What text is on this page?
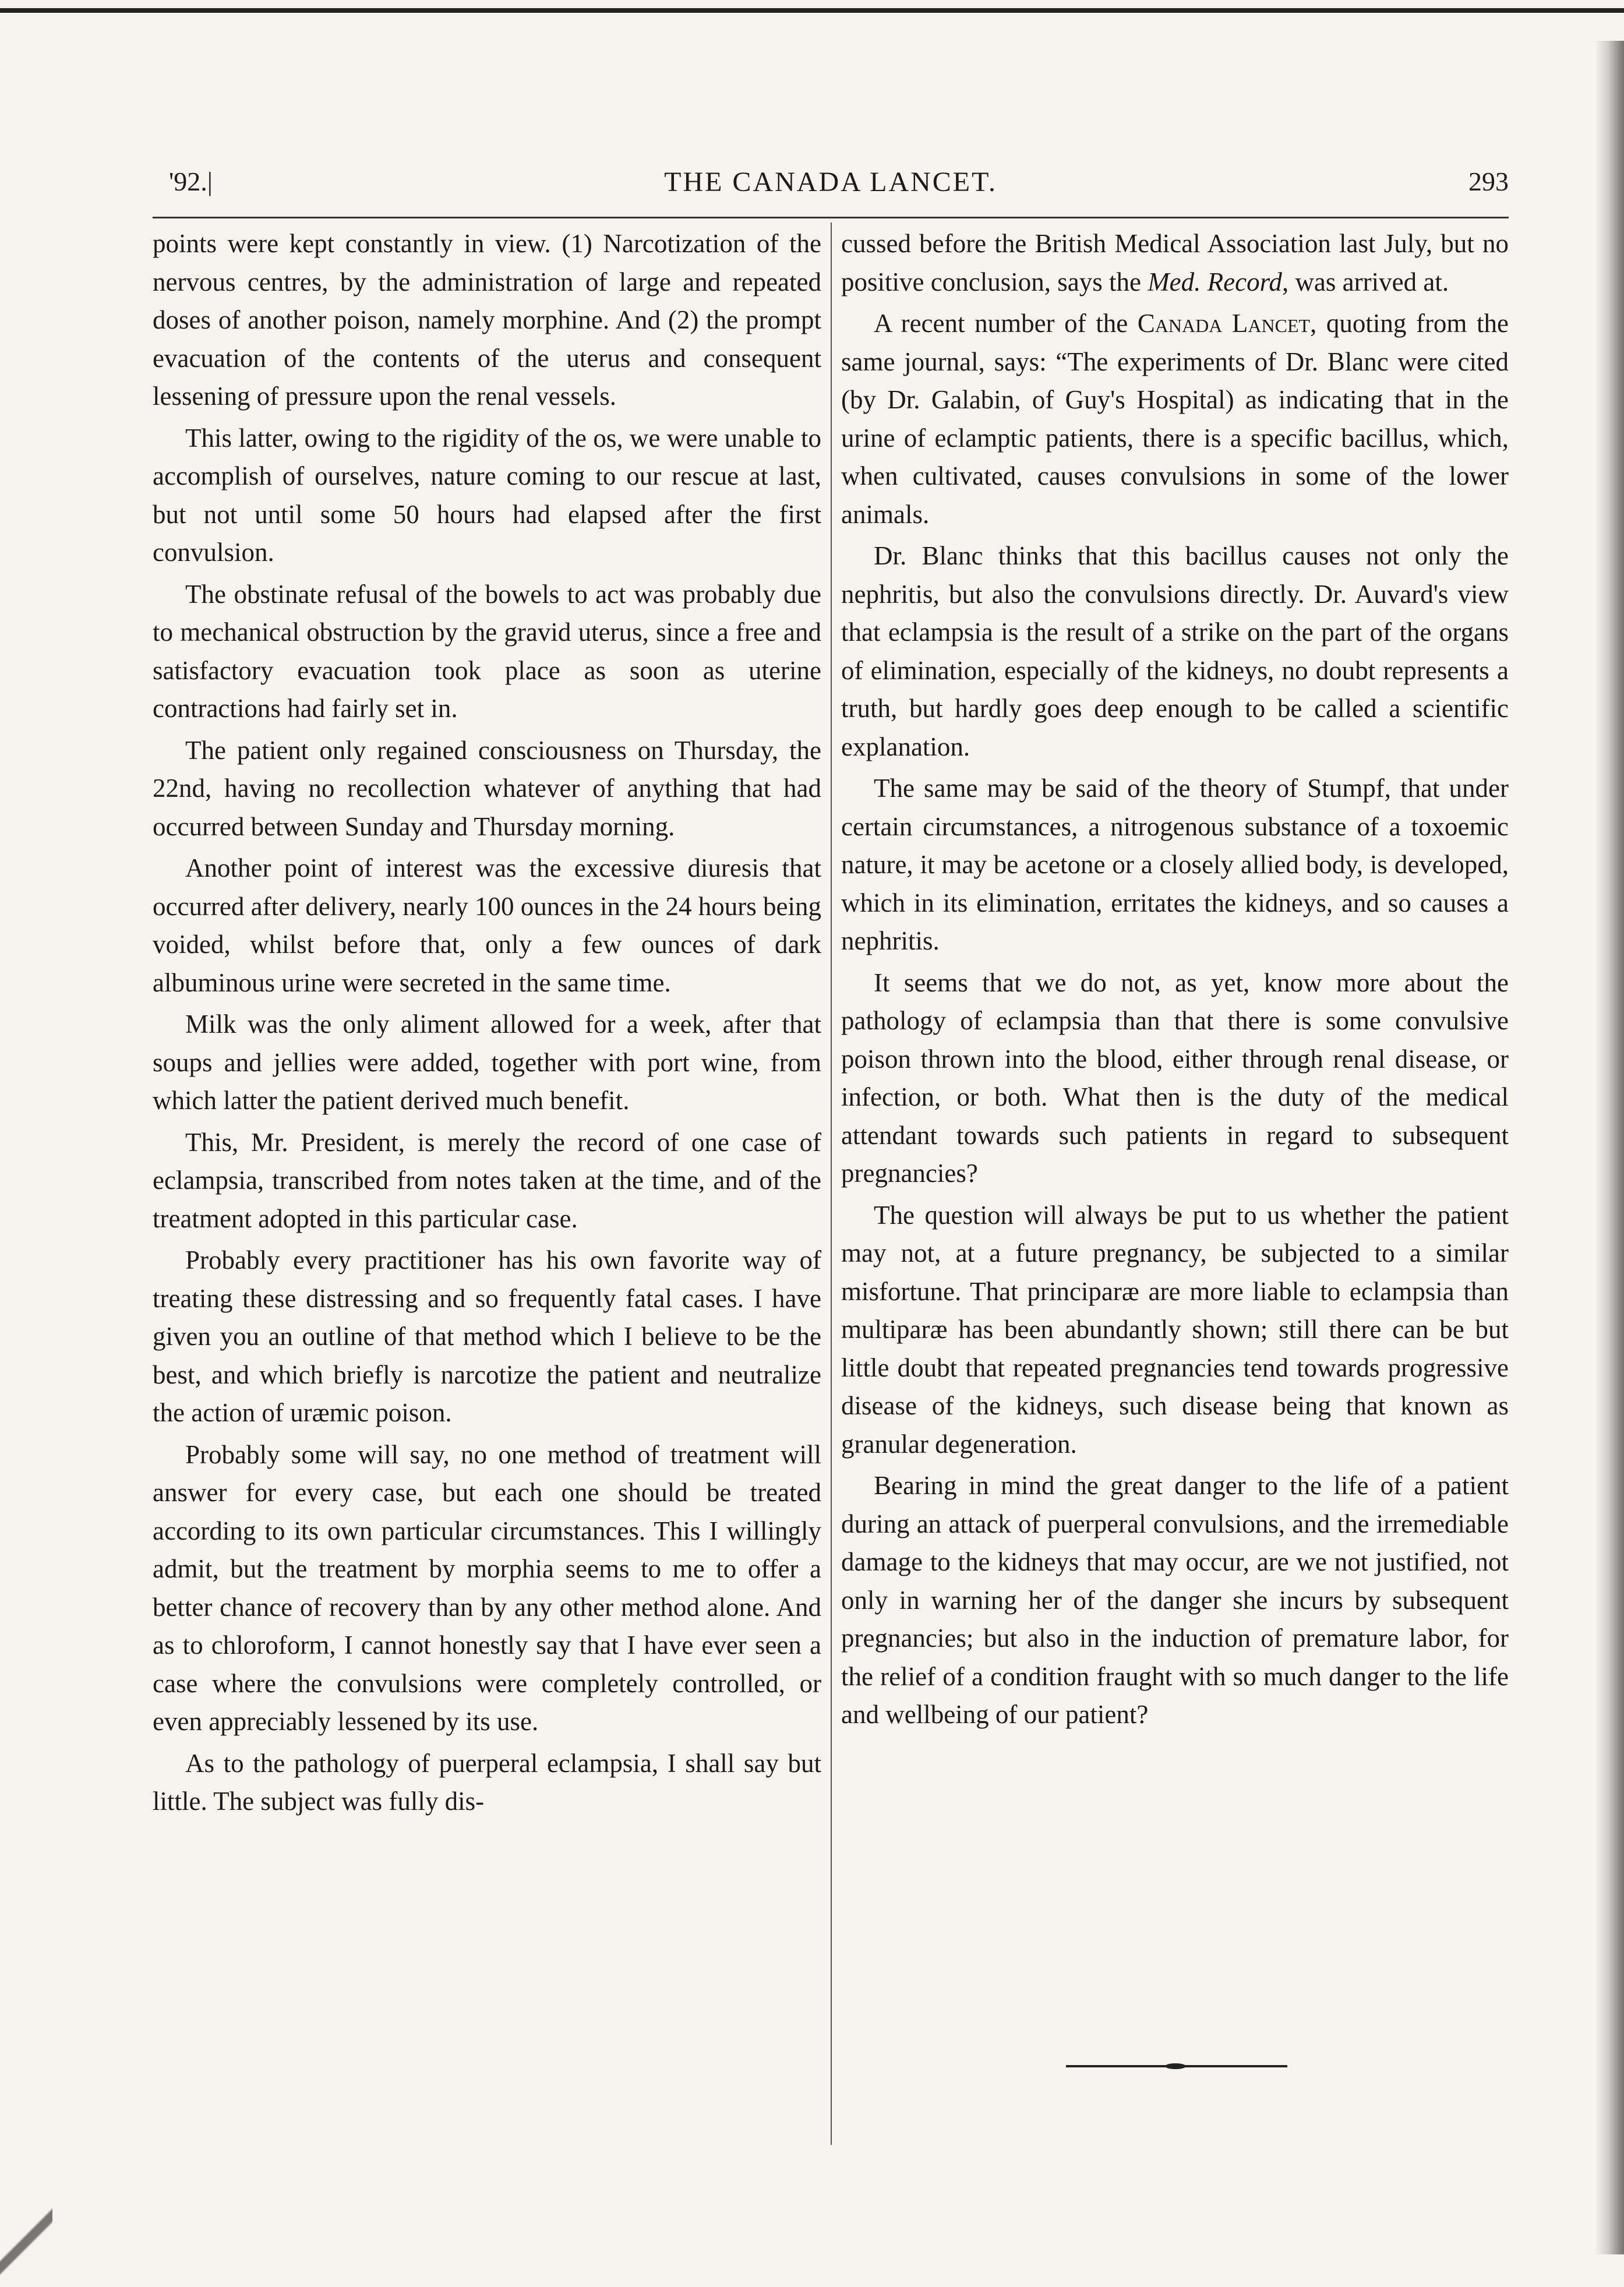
'92.|	THE CANADA LANCET.	293

points were kept constantly in view. (1) Narcotization of the nervous centres, by the administration of large and repeated doses of another poison, namely morphine. And (2) the prompt evacuation of the contents of the uterus and consequent lessening of pressure upon the renal vessels.

This latter, owing to the rigidity of the os, we were unable to accomplish of ourselves, nature coming to our rescue at last, but not until some 50 hours had elapsed after the first convulsion.

The obstinate refusal of the bowels to act was probably due to mechanical obstruction by the gravid uterus, since a free and satisfactory evacuation took place as soon as uterine contractions had fairly set in.

The patient only regained consciousness on Thursday, the 22nd, having no recollection whatever of anything that had occurred between Sunday and Thursday morning.

Another point of interest was the excessive diuresis that occurred after delivery, nearly 100 ounces in the 24 hours being voided, whilst before that, only a few ounces of dark albuminous urine were secreted in the same time.

Milk was the only aliment allowed for a week, after that soups and jellies were added, together with port wine, from which latter the patient derived much benefit.

This, Mr. President, is merely the record of one case of eclampsia, transcribed from notes taken at the time, and of the treatment adopted in this particular case.

Probably every practitioner has his own favorite way of treating these distressing and so frequently fatal cases. I have given you an outline of that method which I believe to be the best, and which briefly is narcotize the patient and neutralize the action of uræmic poison.

Probably some will say, no one method of treatment will answer for every case, but each one should be treated according to its own particular circumstances. This I willingly admit, but the treatment by morphia seems to me to offer a better chance of recovery than by any other method alone. And as to chloroform, I cannot honestly say that I have ever seen a case where the convulsions were completely controlled, or even appreciably lessened by its use.

As to the pathology of puerperal eclampsia, I shall say but little. The subject was fully dis-

cussed before the British Medical Association last July, but no positive conclusion, says the Med. Record, was arrived at.

A recent number of the Canada Lancet, quoting from the same journal, says: “The experiments of Dr. Blanc were cited (by Dr. Galabin, of Guy's Hospital) as indicating that in the urine of eclamptic patients, there is a specific bacillus, which, when cultivated, causes convulsions in some of the lower animals.

Dr. Blanc thinks that this bacillus causes not only the nephritis, but also the convulsions directly. Dr. Auvard's view that eclampsia is the result of a strike on the part of the organs of elimination, especially of the kidneys, no doubt represents a truth, but hardly goes deep enough to be called a scientific explanation.

The same may be said of the theory of Stumpf, that under certain circumstances, a nitrogenous substance of a toxoemic nature, it may be acetone or a closely allied body, is developed, which in its elimination, erritates the kidneys, and so causes a nephritis.

It seems that we do not, as yet, know more about the pathology of eclampsia than that there is some convulsive poison thrown into the blood, either through renal disease, or infection, or both. What then is the duty of the medical attendant towards such patients in regard to subsequent pregnancies?

The question will always be put to us whether the patient may not, at a future pregnancy, be subjected to a similar misfortune. That principaræ are more liable to eclampsia than multiparæ has been abundantly shown; still there can be but little doubt that repeated pregnancies tend towards progressive disease of the kidneys, such disease being that known as granular degeneration.

Bearing in mind the great danger to the life of a patient during an attack of puerperal convulsions, and the irremediable damage to the kidneys that may occur, are we not justified, not only in warning her of the danger she incurs by subsequent pregnancies; but also in the induction of premature labor, for the relief of a condition fraught with so much danger to the life and wellbeing of our patient?
